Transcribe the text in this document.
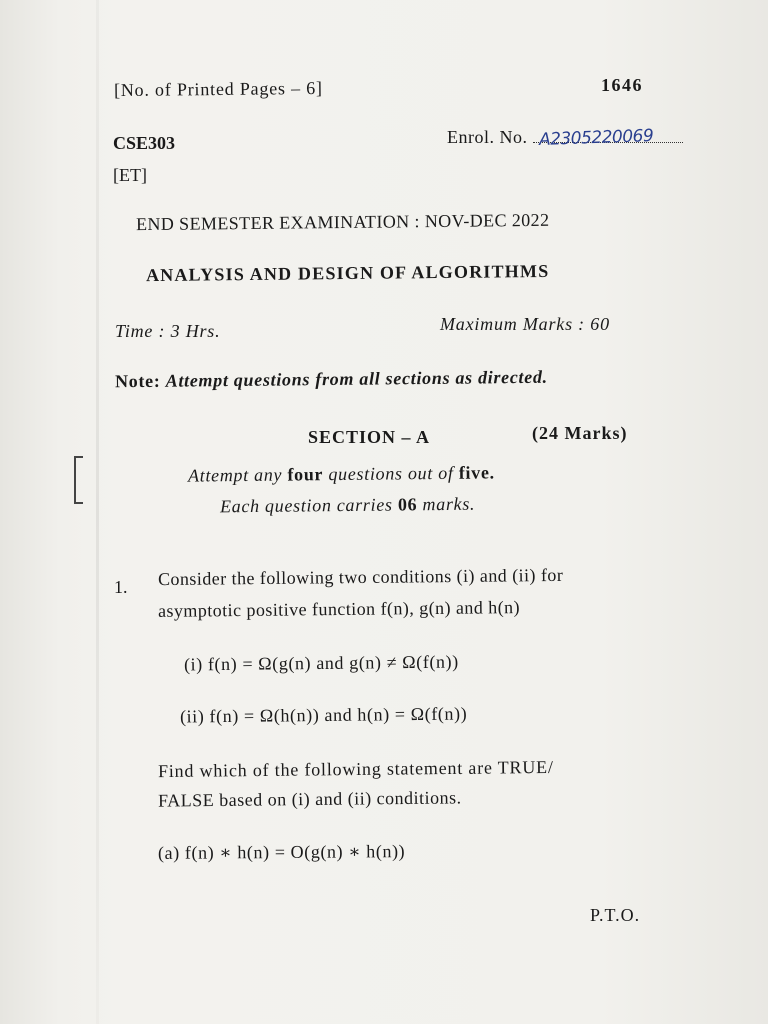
[No. of Printed Pages – 6]	1646
CSE303	Enrol. No. A2305220069
[ET]
END SEMESTER EXAMINATION : NOV-DEC 2022
ANALYSIS AND DESIGN OF ALGORITHMS
Time : 3 Hrs.	Maximum Marks : 60
Note: Attempt questions from all sections as directed.
SECTION – A	(24 Marks)
Attempt any four questions out of five.
Each question carries 06 marks.
1. Consider the following two conditions (i) and (ii) for
asymptotic positive function f(n), g(n) and h(n)
(i) f(n) = Ω(g(n) and g(n) ≠ Ω(f(n))
(ii) f(n) = Ω(h(n)) and h(n) = Ω(f(n))
Find which of the following statement are TRUE/
FALSE based on (i) and (ii) conditions.
(a) f(n) ∗ h(n) = O(g(n) ∗ h(n))
P.T.O.
